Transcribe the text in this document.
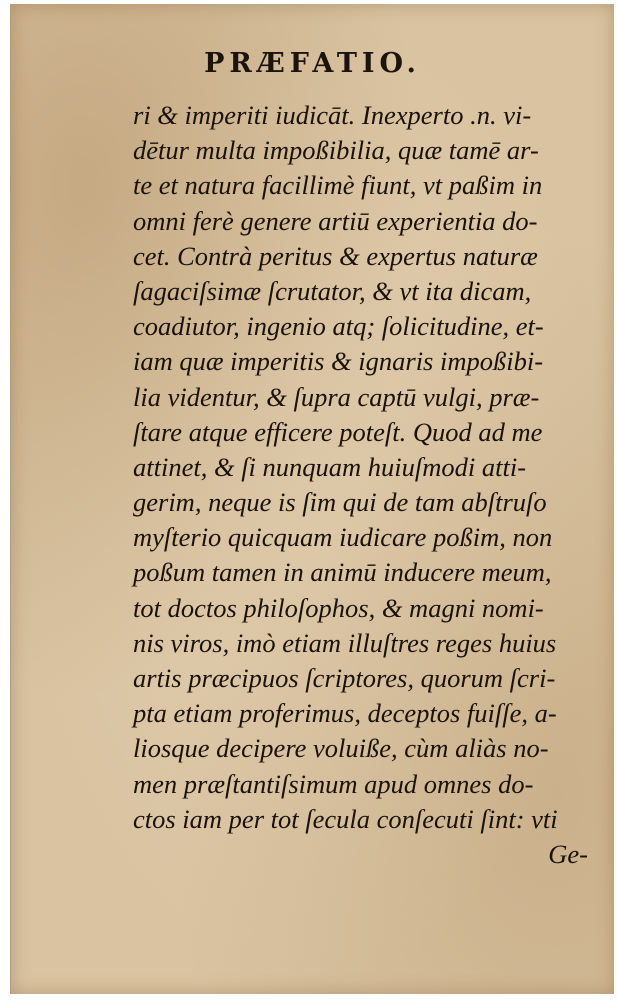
PRÆFATIO.
ri & imperiti iudicāt. Inexperto .n. vi-
dētur multa impoßibilia, quæ tamē ar-
te et natura facillimè fiunt, vt paßim in
omni ferè genere artiū experientia do-
cet. Contrà peritus & expertus naturæ
ſagaciſsimæ ſcrutator, & vt ita dicam,
coadiutor, ingenio atq; ſolicitudine, et-
iam quæ imperitis & ignaris impoßibi-
lia videntur, & ſupra captū vulgi, præ-
ſtare atque efficere poteſt. Quod ad me
attinet, & ſi nunquam huiuſmodi atti-
gerim, neque is ſim qui de tam abſtruſo
myſterio quicquam iudicare poßim, non
poßum tamen in animū inducere meum,
tot doctos philoſophos, & magni nomi-
nis viros, imò etiam illuſtres reges huius
artis præcipuos ſcriptores, quorum ſcri-
pta etiam proferimus, deceptos fuiſſe, a-
liosque decipere voluiße, cùm aliàs no-
men præſtantiſsimum apud omnes do-
ctos iam per tot ſecula conſecuti ſint: vti
Ge-
